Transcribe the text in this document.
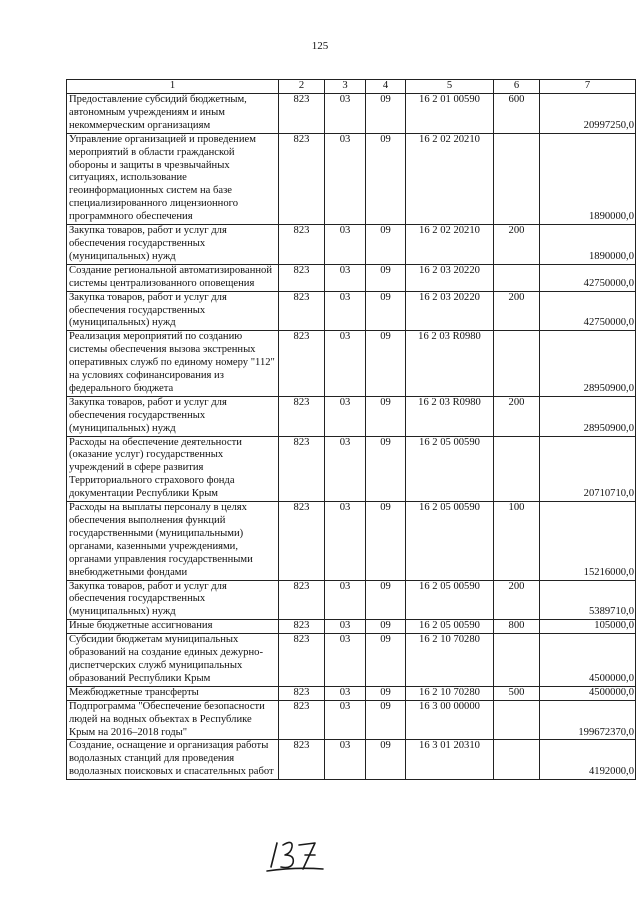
125
1	2	3	4	5	6	7
Предоставление субсидий бюджетным, автономным учреждениям и иным некоммерческим организациям	823	03	09	16 2 01 00590	600	20997250,0
Управление организацией и проведением мероприятий в области гражданской обороны и защиты в чрезвычайных ситуациях, использование геоинформационных систем на базе специализированного лицензионного программного обеспечения	823	03	09	16 2 02 20210		1890000,0
Закупка товаров, работ и услуг для обеспечения государственных (муниципальных) нужд	823	03	09	16 2 02 20210	200	1890000,0
Создание региональной автоматизированной системы централизованного оповещения	823	03	09	16 2 03 20220		42750000,0
Закупка товаров, работ и услуг для обеспечения государственных (муниципальных) нужд	823	03	09	16 2 03 20220	200	42750000,0
Реализация мероприятий по созданию системы обеспечения вызова экстренных оперативных служб по единому номеру "112" на условиях софинансирования из федерального бюджета	823	03	09	16 2 03 R0980		28950900,0
Закупка товаров, работ и услуг для обеспечения государственных (муниципальных) нужд	823	03	09	16 2 03 R0980	200	28950900,0
Расходы на обеспечение деятельности (оказание услуг) государственных учреждений в сфере развития Территориального страхового фонда документации Республики Крым	823	03	09	16 2 05 00590		20710710,0
Расходы на выплаты персоналу в целях обеспечения выполнения функций государственными (муниципальными) органами, казенными учреждениями, органами управления государственными внебюджетными фондами	823	03	09	16 2 05 00590	100	15216000,0
Закупка товаров, работ и услуг для обеспечения государственных (муниципальных) нужд	823	03	09	16 2 05 00590	200	5389710,0
Иные бюджетные ассигнования	823	03	09	16 2 05 00590	800	105000,0
Субсидии бюджетам муниципальных образований на создание единых дежурно-диспетчерских служб муниципальных образований Республики Крым	823	03	09	16 2 10 70280		4500000,0
Межбюджетные трансферты	823	03	09	16 2 10 70280	500	4500000,0
Подпрограмма "Обеспечение безопасности людей на водных объектах в Республике Крым на 2016–2018 годы"	823	03	09	16 3 00 00000		199672370,0
Создание, оснащение и организация работы водолазных станций для проведения водолазных поисковых и спасательных работ	823	03	09	16 3 01 20310		4192000,0
